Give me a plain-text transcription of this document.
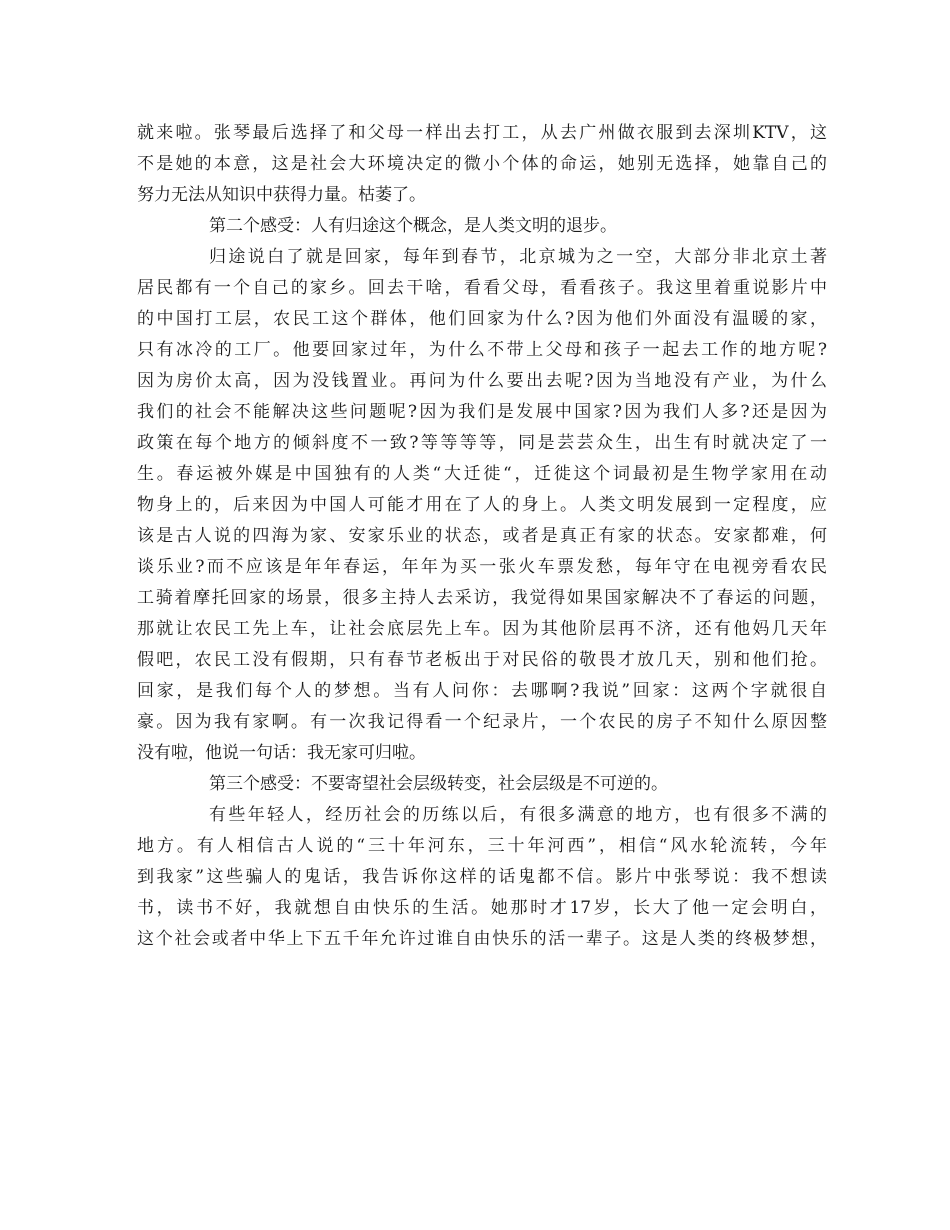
就来啦。张琴最后选择了和父母一样出去打工，从去广州做衣服到去深圳KTV，这
不是她的本意，这是社会大环境决定的微小个体的命运，她别无选择，她靠自己的
努力无法从知识中获得力量。枯萎了。
第二个感受：人有归途这个概念，是人类文明的退步。
归途说白了就是回家，每年到春节，北京城为之一空，大部分非北京土著
居民都有一个自己的家乡。回去干啥，看看父母，看看孩子。我这里着重说影片中
的中国打工层，农民工这个群体，他们回家为什么?因为他们外面没有温暖的家，
只有冰冷的工厂。他要回家过年，为什么不带上父母和孩子一起去工作的地方呢?
因为房价太高，因为没钱置业。再问为什么要出去呢?因为当地没有产业，为什么
我们的社会不能解决这些问题呢?因为我们是发展中国家?因为我们人多?还是因为
政策在每个地方的倾斜度不一致?等等等等，同是芸芸众生，出生有时就决定了一
生。春运被外媒是中国独有的人类“大迁徙“，迁徙这个词最初是生物学家用在动
物身上的，后来因为中国人可能才用在了人的身上。人类文明发展到一定程度，应
该是古人说的四海为家、安家乐业的状态，或者是真正有家的状态。安家都难，何
谈乐业?而不应该是年年春运，年年为买一张火车票发愁，每年守在电视旁看农民
工骑着摩托回家的场景，很多主持人去采访，我觉得如果国家解决不了春运的问题，
那就让农民工先上车，让社会底层先上车。因为其他阶层再不济，还有他妈几天年
假吧，农民工没有假期，只有春节老板出于对民俗的敬畏才放几天，别和他们抢。
回家，是我们每个人的梦想。当有人问你：去哪啊?我说”回家：这两个字就很自
豪。因为我有家啊。有一次我记得看一个纪录片，一个农民的房子不知什么原因整
没有啦，他说一句话：我无家可归啦。
第三个感受：不要寄望社会层级转变，社会层级是不可逆的。
有些年轻人，经历社会的历练以后，有很多满意的地方，也有很多不满的
地方。有人相信古人说的“三十年河东，三十年河西”，相信“风水轮流转，今年
到我家”这些骗人的鬼话，我告诉你这样的话鬼都不信。影片中张琴说：我不想读
书，读书不好，我就想自由快乐的生活。她那时才17岁，长大了他一定会明白，
这个社会或者中华上下五千年允许过谁自由快乐的活一辈子。这是人类的终极梦想，
